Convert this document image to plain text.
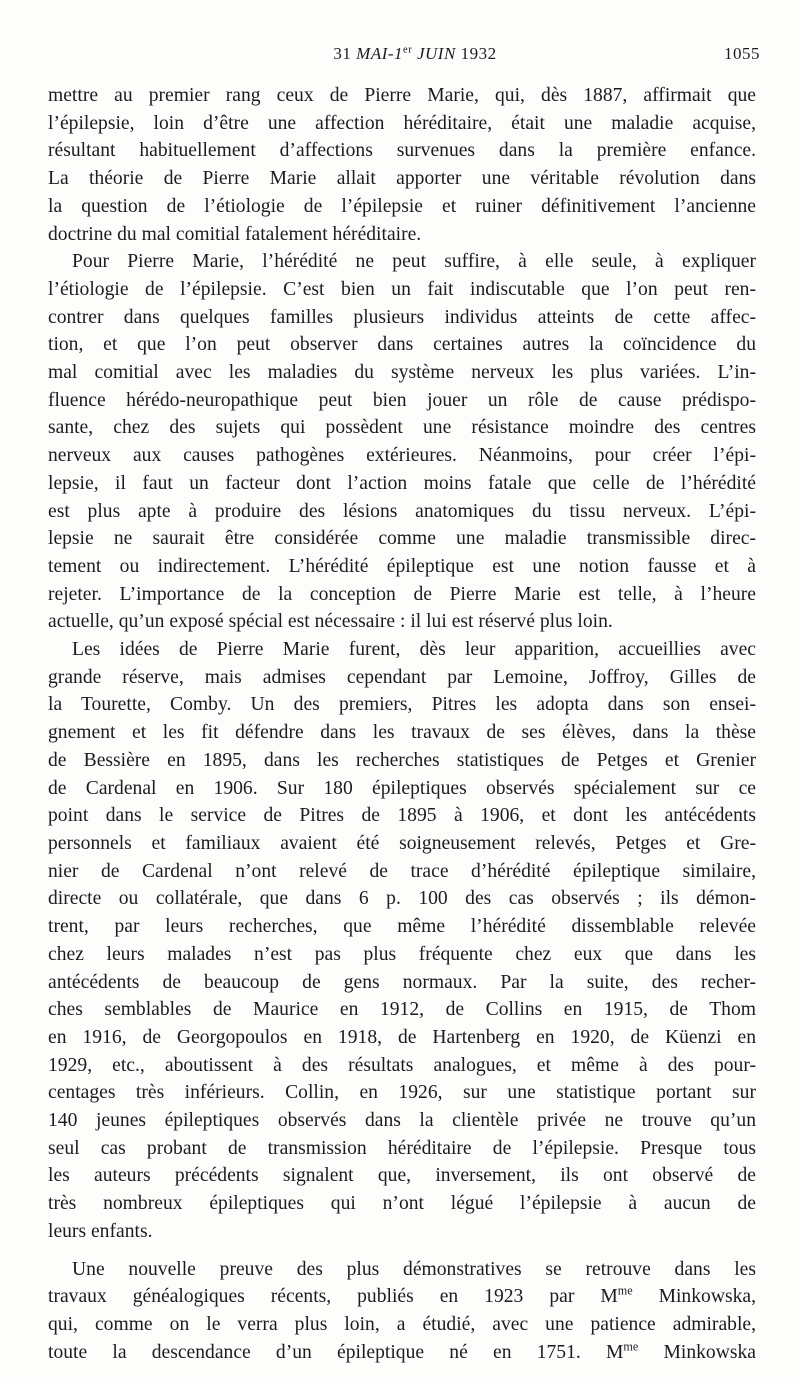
31 MAI-1er JUIN 1932	1055

mettre au premier rang ceux de Pierre Marie, qui, dès 1887, affirmait que

l’épilepsie, loin d’être une affection héréditaire, était une maladie acquise,

résultant habituellement d’affections survenues dans la première enfance.

La théorie de Pierre Marie allait apporter une véritable révolution dans

la question de l’étiologie de l’épilepsie et ruiner définitivement l’ancienne

doctrine du mal comitial fatalement héréditaire.

Pour Pierre Marie, l’hérédité ne peut suffire, à elle seule, à expliquer

l’étiologie de l’épilepsie. C’est bien un fait indiscutable que l’on peut ren-

contrer dans quelques familles plusieurs individus atteints de cette affec-

tion, et que l’on peut observer dans certaines autres la coïncidence du

mal comitial avec les maladies du système nerveux les plus variées. L’in-

fluence hérédo-neuropathique peut bien jouer un rôle de cause prédispo-

sante, chez des sujets qui possèdent une résistance moindre des centres

nerveux aux causes pathogènes extérieures. Néanmoins, pour créer l’épi-

lepsie, il faut un facteur dont l’action moins fatale que celle de l’hérédité

est plus apte à produire des lésions anatomiques du tissu nerveux. L’épi-

lepsie ne saurait être considérée comme une maladie transmissible direc-

tement ou indirectement. L’hérédité épileptique est une notion fausse et à

rejeter. L’importance de la conception de Pierre Marie est telle, à l’heure

actuelle, qu’un exposé spécial est nécessaire : il lui est réservé plus loin.

Les idées de Pierre Marie furent, dès leur apparition, accueillies avec

grande réserve, mais admises cependant par Lemoine, Joffroy, Gilles de

la Tourette, Comby. Un des premiers, Pitres les adopta dans son ensei-

gnement et les fit défendre dans les travaux de ses élèves, dans la thèse

de Bessière en 1895, dans les recherches statistiques de Petges et Grenier

de Cardenal en 1906. Sur 180 épileptiques observés spécialement sur ce

point dans le service de Pitres de 1895 à 1906, et dont les antécédents

personnels et familiaux avaient été soigneusement relevés, Petges et Gre-

nier de Cardenal n’ont relevé de trace d’hérédité épileptique similaire,

directe ou collatérale, que dans 6 p. 100 des cas observés ; ils démon-

trent, par leurs recherches, que même l’hérédité dissemblable relevée

chez leurs malades n’est pas plus fréquente chez eux que dans les

antécédents de beaucoup de gens normaux. Par la suite, des recher-

ches semblables de Maurice en 1912, de Collins en 1915, de Thom

en 1916, de Georgopoulos en 1918, de Hartenberg en 1920, de Küenzi en

1929, etc., aboutissent à des résultats analogues, et même à des pour-

centages très inférieurs. Collin, en 1926, sur une statistique portant sur

140 jeunes épileptiques observés dans la clientèle privée ne trouve qu’un

seul cas probant de transmission héréditaire de l’épilepsie. Presque tous

les auteurs précédents signalent que, inversement, ils ont observé de

très nombreux épileptiques qui n’ont légué l’épilepsie à aucun de

leurs enfants.

Une nouvelle preuve des plus démonstratives se retrouve dans les

travaux généalogiques récents, publiés en 1923 par $M^{me}$ Minkowska,

qui, comme on le verra plus loin, a étudié, avec une patience admirable,

toute la descendance d’un épileptique né en 1751. $M^{me}$ Minkowska
